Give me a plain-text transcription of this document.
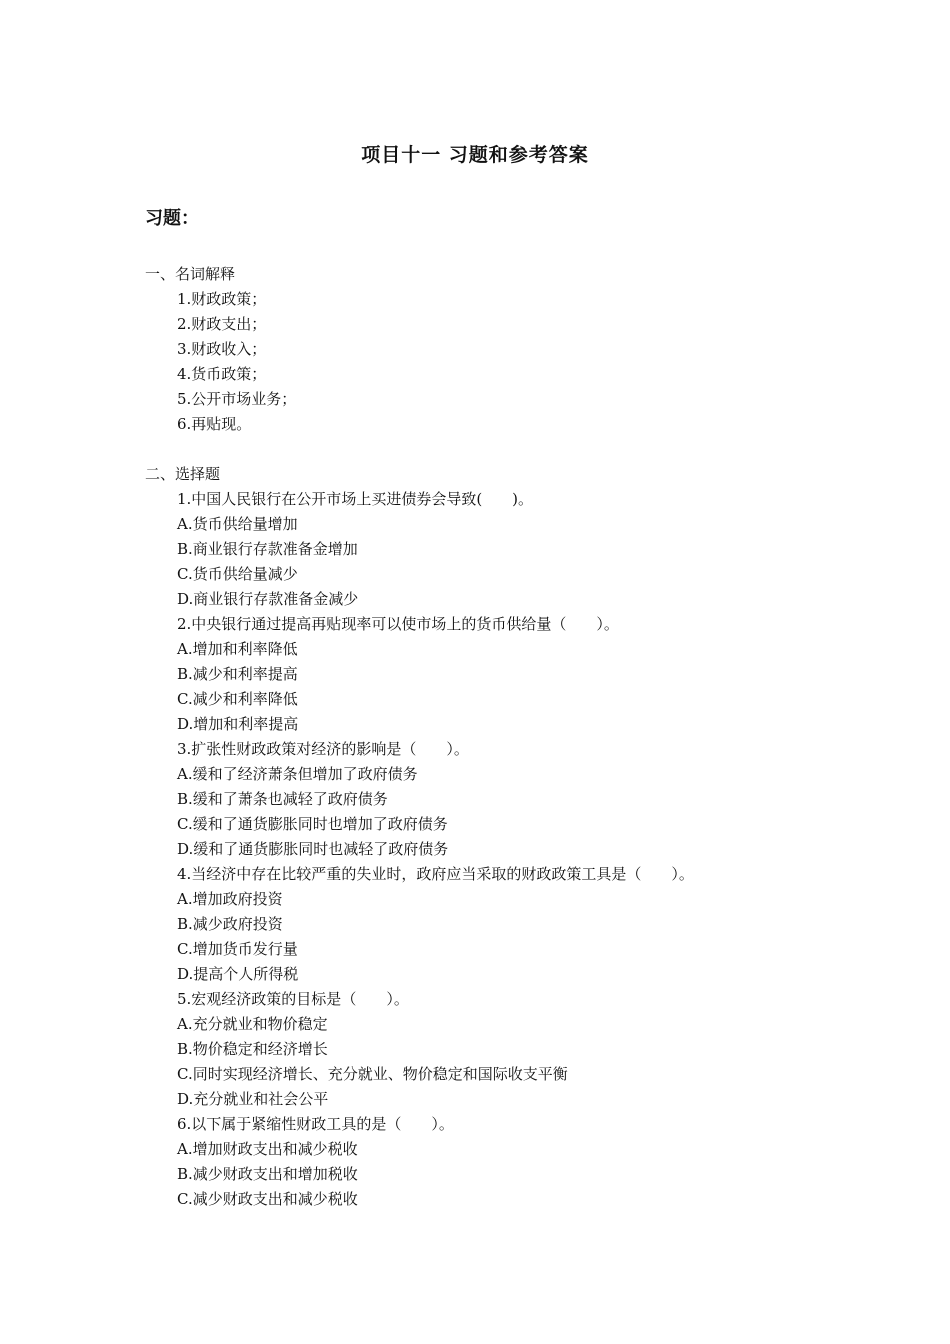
项目十一 习题和参考答案
习题：
一、名词解释
1.财政政策；
2.财政支出；
3.财政收入；
4.货币政策；
5.公开市场业务；
6.再贴现。
二、选择题
1.中国人民银行在公开市场上买进债券会导致(　　)。
A.货币供给量增加
B.商业银行存款准备金增加
C.货币供给量减少
D.商业银行存款准备金减少
2.中央银行通过提高再贴现率可以使市场上的货币供给量（　　）。
A.增加和利率降低
B.减少和利率提高
C.减少和利率降低
D.增加和利率提高
3.扩张性财政政策对经济的影响是（　　）。
A.缓和了经济萧条但增加了政府债务
B.缓和了萧条也减轻了政府债务
C.缓和了通货膨胀同时也增加了政府债务
D.缓和了通货膨胀同时也减轻了政府债务
4.当经济中存在比较严重的失业时，政府应当采取的财政政策工具是（　　）。
A.增加政府投资
B.减少政府投资
C.增加货币发行量
D.提高个人所得税
5.宏观经济政策的目标是（　　）。
A.充分就业和物价稳定
B.物价稳定和经济增长
C.同时实现经济增长、充分就业、物价稳定和国际收支平衡
D.充分就业和社会公平
6.以下属于紧缩性财政工具的是（　　）。
A.增加财政支出和减少税收
B.减少财政支出和增加税收
C.减少财政支出和减少税收
